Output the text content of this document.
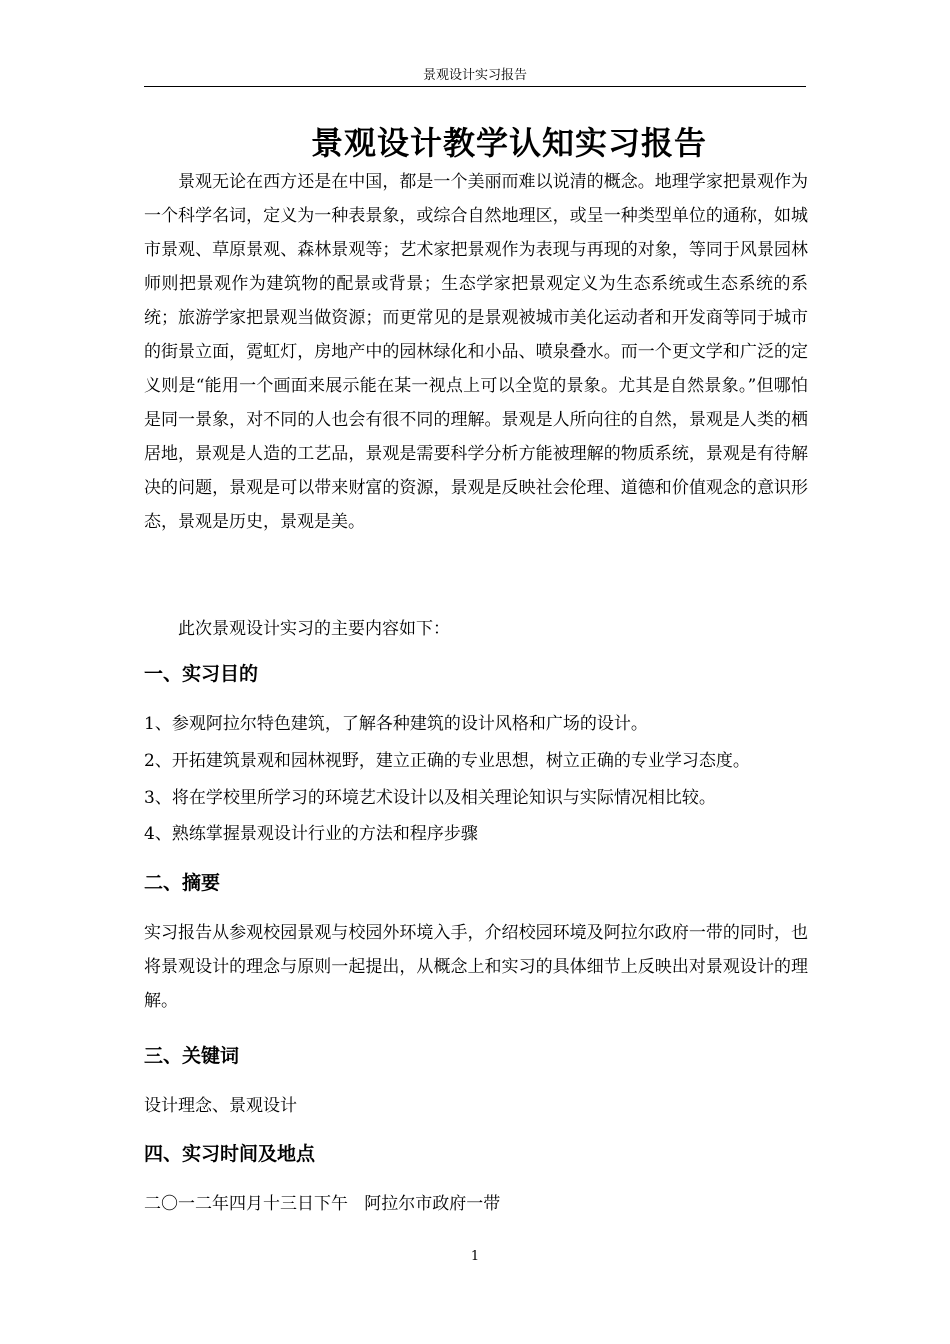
景观设计实习报告
景观设计教学认知实习报告
景观无论在西方还是在中国，都是一个美丽而难以说清的概念。地理学家把景观作为一个科学名词，定义为一种表景象，或综合自然地理区，或呈一种类型单位的通称，如城市景观、草原景观、森林景观等；艺术家把景观作为表现与再现的对象，等同于风景园林师则把景观作为建筑物的配景或背景；生态学家把景观定义为生态系统或生态系统的系统；旅游学家把景观当做资源；而更常见的是景观被城市美化运动者和开发商等同于城市的街景立面，霓虹灯，房地产中的园林绿化和小品、喷泉叠水。而一个更文学和广泛的定义则是“能用一个画面来展示能在某一视点上可以全览的景象。尤其是自然景象。”但哪怕是同一景象，对不同的人也会有很不同的理解。景观是人所向往的自然，景观是人类的栖居地，景观是人造的工艺品，景观是需要科学分析方能被理解的物质系统，景观是有待解决的问题，景观是可以带来财富的资源，景观是反映社会伦理、道德和价值观念的意识形态，景观是历史，景观是美。
此次景观设计实习的主要内容如下：
一、实习目的
1、参观阿拉尔特色建筑，了解各种建筑的设计风格和广场的设计。
2、开拓建筑景观和园林视野，建立正确的专业思想，树立正确的专业学习态度。
3、将在学校里所学习的环境艺术设计以及相关理论知识与实际情况相比较。
4、熟练掌握景观设计行业的方法和程序步骤
二、摘要
实习报告从参观校园景观与校园外环境入手，介绍校园环境及阿拉尔政府一带的同时，也将景观设计的理念与原则一起提出，从概念上和实习的具体细节上反映出对景观设计的理解。
三、关键词
设计理念、景观设计
四、实习时间及地点
二〇一二年四月十三日下午   阿拉尔市政府一带
1
